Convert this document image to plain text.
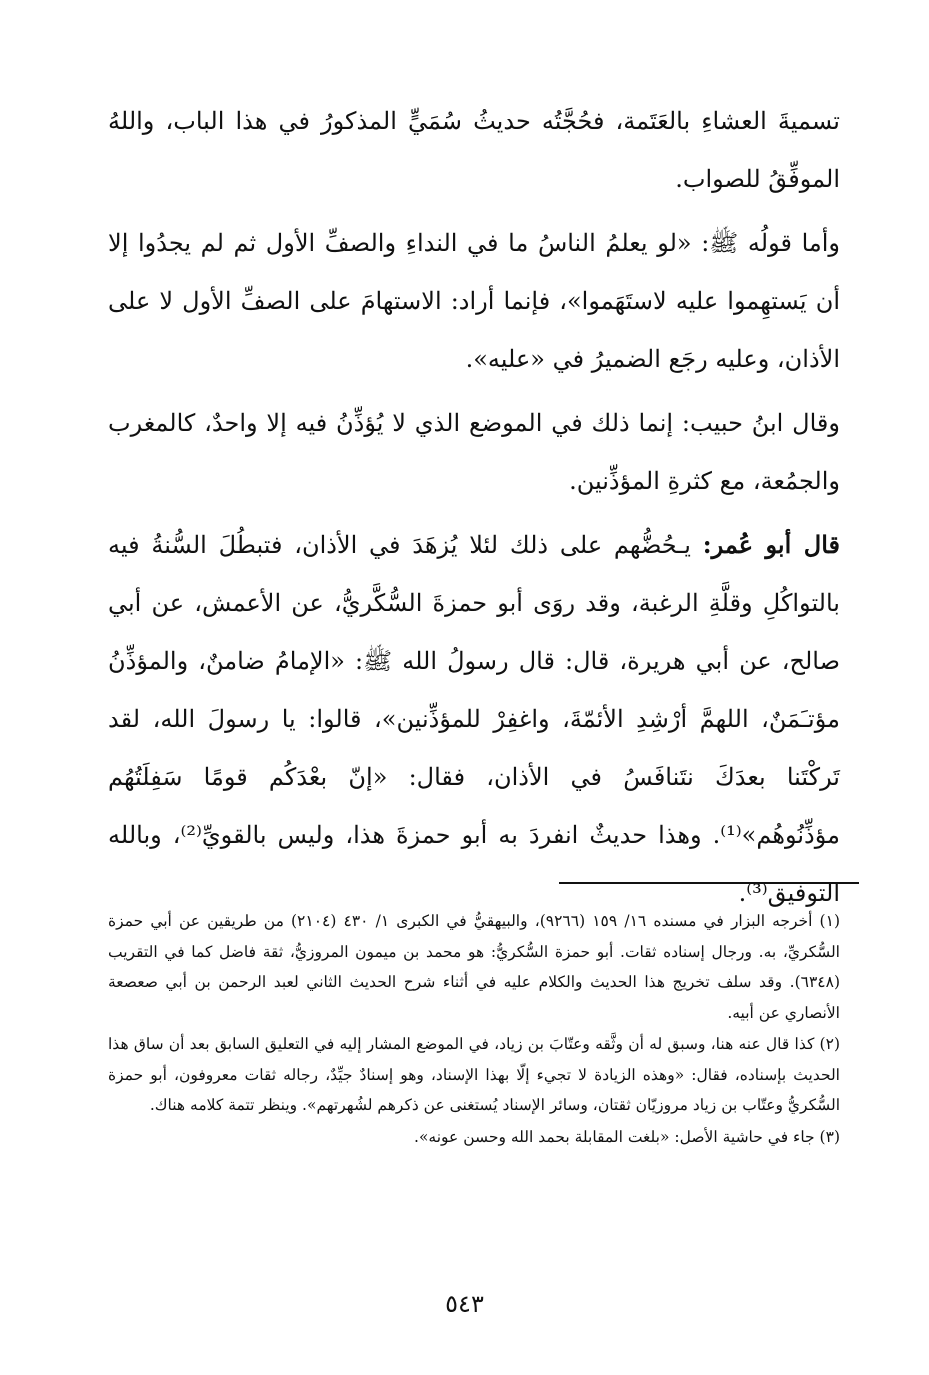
تسميةَ العشاءِ بالعَتَمة، فحُجَّتُه حديثُ سُمَيٍّ المذكورُ في هذا الباب، واللهُ الموفِّقُ للصواب.

وأما قولُه ﷺ: «لو يعلمُ الناسُ ما في النداءِ والصفِّ الأول ثم لم يجدُوا إلا أن يَستهِموا عليه لاستَهَموا»، فإنما أراد: الاستهامَ على الصفِّ الأول لا على الأذان، وعليه رجَع الضميرُ في «عليه».

وقال ابنُ حبيب: إنما ذلك في الموضع الذي لا يُؤذِّنُ فيه إلا واحدٌ، كالمغرب والجمُعة، مع كثرةِ المؤذِّنين.

قال أبو عُمر: يـحُضُّهم على ذلك لئلا يُزهَدَ في الأذان، فتبطُلَ السُّنةُ فيه بالتواكُلِ وقلَّةِ الرغبة، وقد روَى أبو حمزةَ السُّكَّريُّ، عن الأعمش، عن أبي صالح، عن أبي هريرة، قال: قال رسولُ الله ﷺ: «الإمامُ ضامنٌ، والمؤذِّنُ مؤتـَمَنٌ، اللهمَّ أرْشِدِ الأئمّةَ، واغفِرْ للمؤذِّنين»، قالوا: يا رسولَ الله، لقد تَركْتَنا بعدَكَ نتَنافَسُ في الأذان، فقال: «إنّ بعْدَكُم قومًا سَفِلَتُهُم مؤذِّنُوهُم»⁽¹⁾. وهذا حديثٌ انفردَ به أبو حمزةَ هذا، وليس بالقويِّ⁽²⁾، وبالله التوفيق⁽³⁾.

(١) أخرجه البزار في مسنده ١٦/ ١٥٩ (٩٢٦٦)، والبيهقيُّ في الكبرى ١/ ٤٣٠ (٢١٠٤) من طريقين عن أبي حمزة السُّكريِّ، به. ورجال إسناده ثقات. أبو حمزة السُّكريُّ: هو محمد بن ميمون المروزيُّ، ثقة فاضل كما في التقريب (٦٣٤٨). وقد سلف تخريج هذا الحديث والكلام عليه في أثناء شرح الحديث الثاني لعبد الرحمن بن أبي صعصعة الأنصاري عن أبيه.

(٢) كذا قال عنه هنا، وسبق له أن وثَّقه وعتّابَ بن زياد، في الموضع المشار إليه في التعليق السابق بعد أن ساق هذا الحديث بإسناده، فقال: «وهذه الزيادة لا تجيء إلّا بهذا الإسناد، وهو إسنادٌ جيِّدٌ، رجاله ثقات معروفون، أبو حمزة السُّكريُّ وعتّاب بن زياد مروزيّان ثقتان، وسائر الإسناد يُستغنى عن ذكرهم لشُهرتهم». وينظر تتمة كلامه هناك.

(٣) جاء في حاشية الأصل: «بلغت المقابلة بحمد الله وحسن عونه».

٥٤٣
